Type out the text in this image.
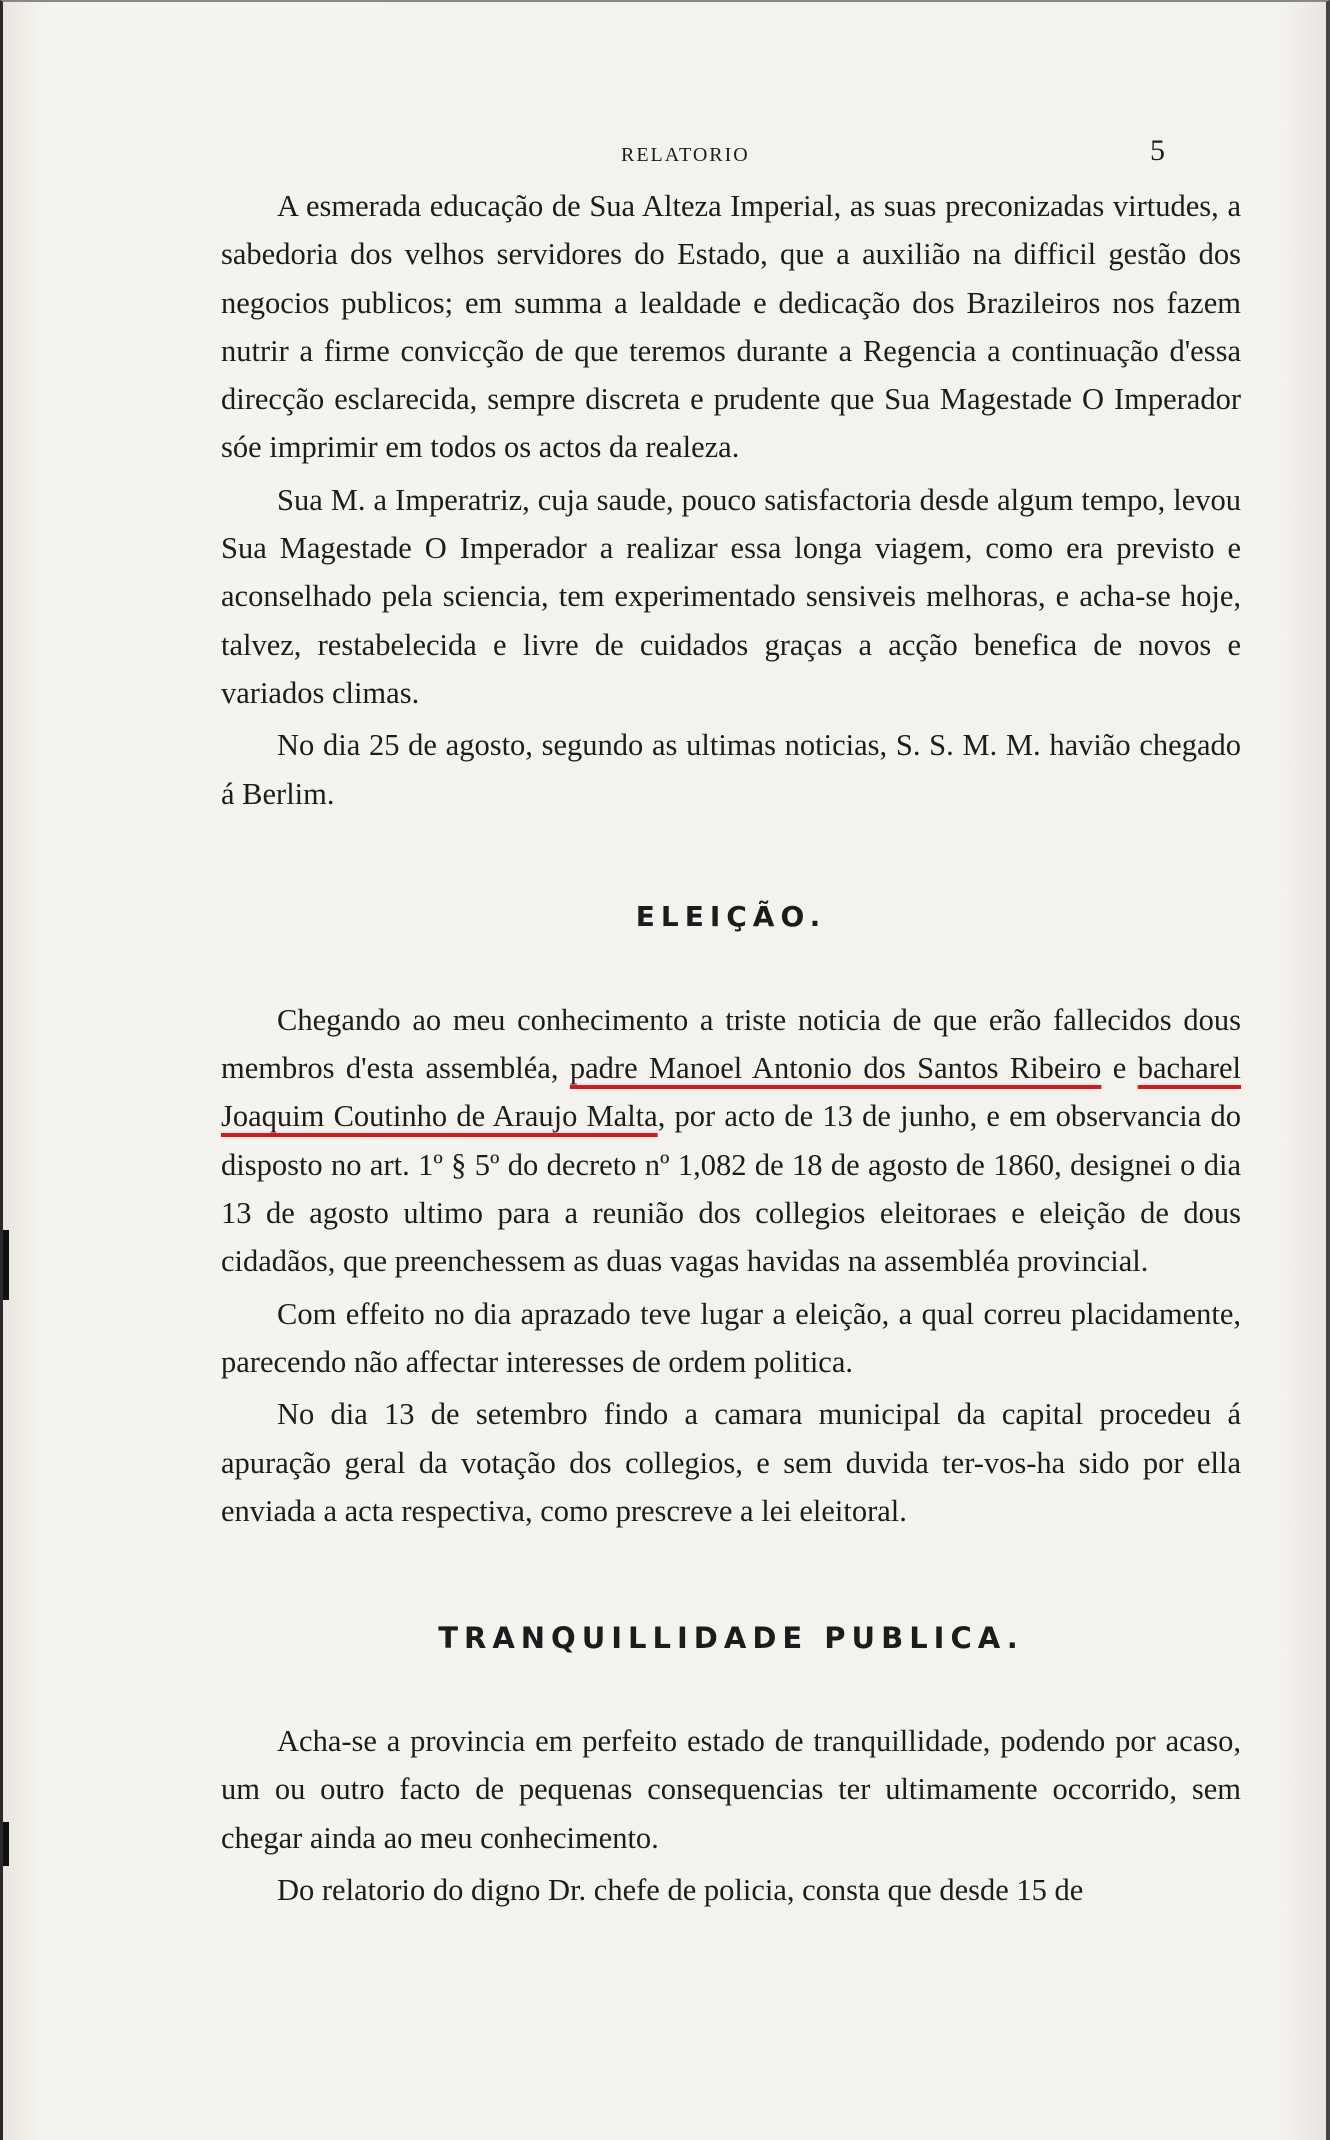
RELATORIO	5

A esmerada educação de Sua Alteza Imperial, as suas preconizadas virtudes, a sabedoria dos velhos servidores do Estado, que a auxilião na difficil gestão dos negocios publicos; em summa a lealdade e dedicação dos Brazileiros nos fazem nutrir a firme convicção de que teremos durante a Regencia a continuação d'essa direcção esclarecida, sempre discreta e prudente que Sua Magestade O Imperador sóe imprimir em todos os actos da realeza.

Sua M. a Imperatriz, cuja saude, pouco satisfactoria desde algum tempo, levou Sua Magestade O Imperador a realizar essa longa viagem, como era previsto e aconselhado pela sciencia, tem experimentado sensiveis melhoras, e acha-se hoje, talvez, restabelecida e livre de cuidados graças a acção benefica de novos e variados climas.

No dia 25 de agosto, segundo as ultimas noticias, S. S. M. M. havião chegado á Berlim.

ELEIÇÃO.

Chegando ao meu conhecimento a triste noticia de que erão fallecidos dous membros d'esta assembléa, padre Manoel Antonio dos Santos Ribeiro e bacharel Joaquim Coutinho de Araujo Malta, por acto de 13 de junho, e em observancia do disposto no art. 1º § 5º do decreto nº 1,082 de 18 de agosto de 1860, designei o dia 13 de agosto ultimo para a reunião dos collegios eleitoraes e eleição de dous cidadãos, que preenchessem as duas vagas havidas na assembléa provincial.

Com effeito no dia aprazado teve lugar a eleição, a qual correu placidamente, parecendo não affectar interesses de ordem politica.

No dia 13 de setembro findo a camara municipal da capital procedeu á apuração geral da votação dos collegios, e sem duvida ter-vos-ha sido por ella enviada a acta respectiva, como prescreve a lei eleitoral.

TRANQUILLIDADE PUBLICA.

Acha-se a provincia em perfeito estado de tranquillidade, podendo por acaso, um ou outro facto de pequenas consequencias ter ultimamente occorrido, sem chegar ainda ao meu conhecimento.

Do relatorio do digno Dr. chefe de policia, consta que desde 15 de
